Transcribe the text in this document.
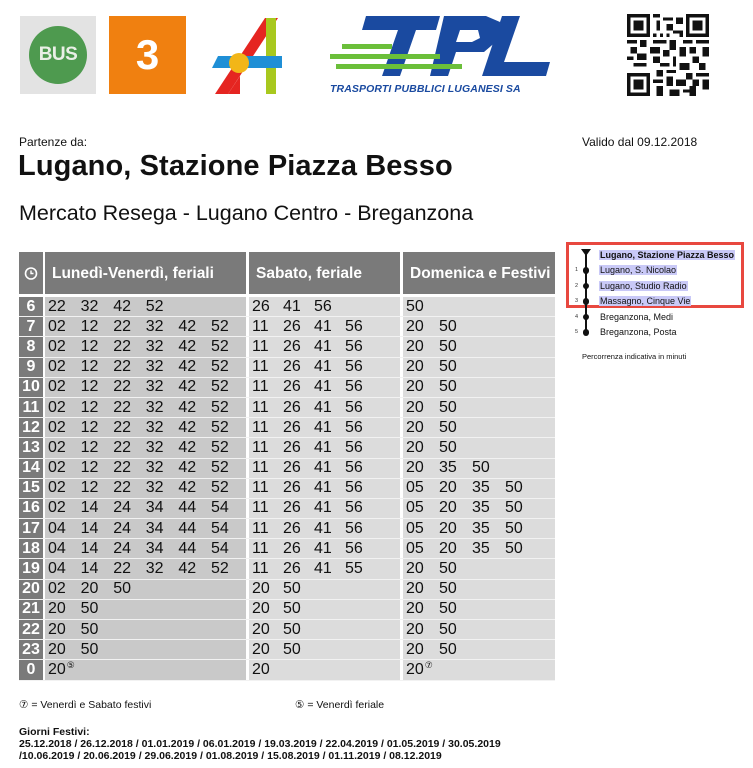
BUS	3
TRASPORTI PUBBLICI LUGANESI SA
Partenze da:	Valido dal 09.12.2018
Lugano, Stazione Piazza Besso
Mercato Resega - Lugano Centro - Breganzona
Lunedì-Venerdì, feriali	Sabato, feriale	Domenica e Festivi
6 22 32 42 52	26 41 56	50
7 02 12 22 32 42 52	11 26 41 56	20 50
8 02 12 22 32 42 52	11 26 41 56	20 50
9 02 12 22 32 42 52	11 26 41 56	20 50
10 02 12 22 32 42 52	11 26 41 56	20 50
11 02 12 22 32 42 52	11 26 41 56	20 50
12 02 12 22 32 42 52	11 26 41 56	20 50
13 02 12 22 32 42 52	11 26 41 56	20 50
14 02 12 22 32 42 52	11 26 41 56	20 35 50
15 02 12 22 32 42 52	11 26 41 56	05 20 35 50
16 02 14 24 34 44 54	11 26 41 56	05 20 35 50
17 04 14 24 34 44 54	11 26 41 56	05 20 35 50
18 04 14 24 34 44 54	11 26 41 56	05 20 35 50
19 04 14 22 32 42 52	11 26 41 55	20 50
20 02 20 50	20 50	20 50
21 20 50	20 50	20 50
22 20 50	20 50	20 50
23 20 50	20 50	20 50
0 20⑤	20	20⑦
Lugano, Stazione Piazza Besso
1 Lugano, S. Nicolao
2 Lugano, Studio Radio
3 Massagno, Cinque Vie
4 Breganzona, Medi
5 Breganzona, Posta
Percorrenza indicativa in minuti
⑦ = Venerdì e Sabato festivi	⑤ = Venerdì feriale
Giorni Festivi:
25.12.2018 / 26.12.2018 / 01.01.2019 / 06.01.2019 / 19.03.2019 / 22.04.2019 / 01.05.2019 / 30.05.2019
/10.06.2019 / 20.06.2019 / 29.06.2019 / 01.08.2019 / 15.08.2019 / 01.11.2019 / 08.12.2019
